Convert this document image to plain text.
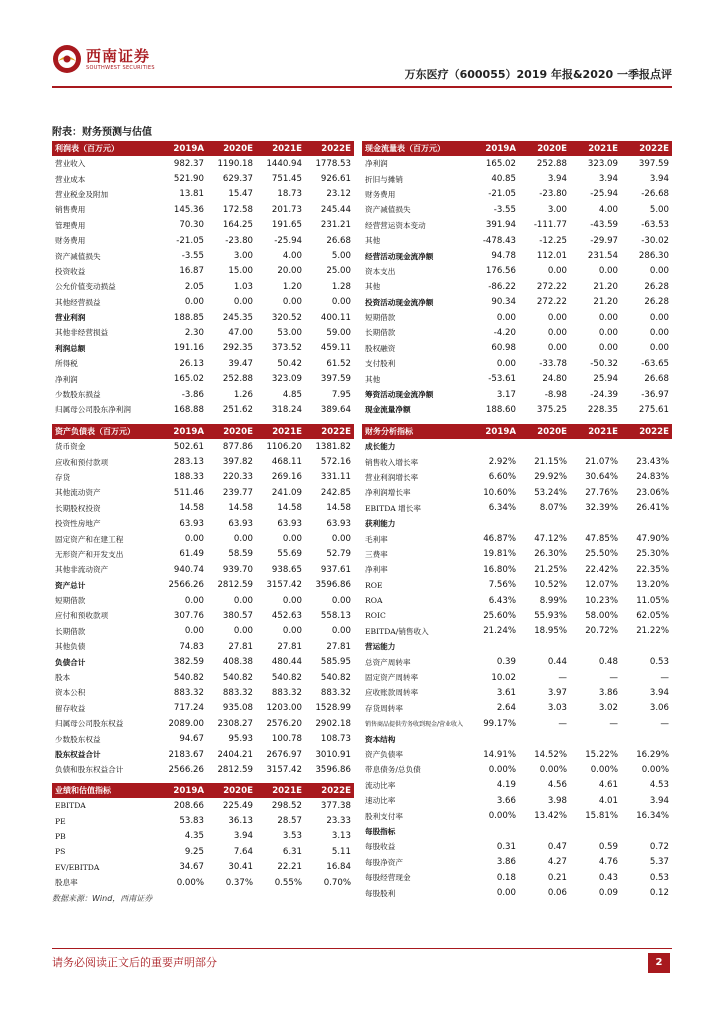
西南证券
SOUTHWEST SECURITIES	万东医疗（600055）2019 年报&2020 一季报点评
附表：财务预测与估值
利润表（百万元）	2019A	2020E	2021E	2022E
营业收入	982.37	1190.18	1440.94	1778.53
营业成本	521.90	629.37	751.45	926.61
营业税金及附加	13.81	15.47	18.73	23.12
销售费用	145.36	172.58	201.73	245.44
管理费用	70.30	164.25	191.65	231.21
财务费用	-21.05	-23.80	-25.94	26.68
资产减值损失	-3.55	3.00	4.00	5.00
投资收益	16.87	15.00	20.00	25.00
公允价值变动损益	2.05	1.03	1.20	1.28
其他经营损益	0.00	0.00	0.00	0.00
营业利润	188.85	245.35	320.52	400.11
其他非经营损益	2.30	47.00	53.00	59.00
利润总额	191.16	292.35	373.52	459.11
所得税	26.13	39.47	50.42	61.52
净利润	165.02	252.88	323.09	397.59
少数股东损益	-3.86	1.26	4.85	7.95
归属母公司股东净利润	168.88	251.62	318.24	389.64
现金流量表（百万元）	2019A	2020E	2021E	2022E
净利润	165.02	252.88	323.09	397.59
折旧与摊销	40.85	3.94	3.94	3.94
财务费用	-21.05	-23.80	-25.94	-26.68
资产减值损失	-3.55	3.00	4.00	5.00
经营营运资本变动	391.94	-111.77	-43.59	-63.53
其他	-478.43	-12.25	-29.97	-30.02
经营活动现金流净额	94.78	112.01	231.54	286.30
资本支出	176.56	0.00	0.00	0.00
其他	-86.22	272.22	21.20	26.28
投资活动现金流净额	90.34	272.22	21.20	26.28
短期借款	0.00	0.00	0.00	0.00
长期借款	-4.20	0.00	0.00	0.00
股权融资	60.98	0.00	0.00	0.00
支付股利	0.00	-33.78	-50.32	-63.65
其他	-53.61	24.80	25.94	26.68
筹资活动现金流净额	3.17	-8.98	-24.39	-36.97
现金流量净额	188.60	375.25	228.35	275.61
资产负债表（百万元）	2019A	2020E	2021E	2022E
货币资金	502.61	877.86	1106.20	1381.82
应收和预付款项	283.13	397.82	468.11	572.16
存货	188.33	220.33	269.16	331.11
其他流动资产	511.46	239.77	241.09	242.85
长期股权投资	14.58	14.58	14.58	14.58
投资性房地产	63.93	63.93	63.93	63.93
固定资产和在建工程	0.00	0.00	0.00	0.00
无形资产和开发支出	61.49	58.59	55.69	52.79
其他非流动资产	940.74	939.70	938.65	937.61
资产总计	2566.26	2812.59	3157.42	3596.86
短期借款	0.00	0.00	0.00	0.00
应付和预收款项	307.76	380.57	452.63	558.13
长期借款	0.00	0.00	0.00	0.00
其他负债	74.83	27.81	27.81	27.81
负债合计	382.59	408.38	480.44	585.95
股本	540.82	540.82	540.82	540.82
资本公积	883.32	883.32	883.32	883.32
留存收益	717.24	935.08	1203.00	1528.99
归属母公司股东权益	2089.00	2308.27	2576.20	2902.18
少数股东权益	94.67	95.93	100.78	108.73
股东权益合计	2183.67	2404.21	2676.97	3010.91
负债和股东权益合计	2566.26	2812.59	3157.42	3596.86
业绩和估值指标	2019A	2020E	2021E	2022E
EBITDA	208.66	225.49	298.52	377.38
PE	53.83	36.13	28.57	23.33
PB	4.35	3.94	3.53	3.13
PS	9.25	7.64	6.31	5.11
EV/EBITDA	34.67	30.41	22.21	16.84
股息率	0.00%	0.37%	0.55%	0.70%
财务分析指标	2019A	2020E	2021E	2022E
成长能力				
销售收入增长率	2.92%	21.15%	21.07%	23.43%
营业利润增长率	6.60%	29.92%	30.64%	24.83%
净利润增长率	10.60%	53.24%	27.76%	23.06%
EBITDA 增长率	6.34%	8.07%	32.39%	26.41%
获利能力				
毛利率	46.87%	47.12%	47.85%	47.90%
三费率	19.81%	26.30%	25.50%	25.30%
净利率	16.80%	21.25%	22.42%	22.35%
ROE	7.56%	10.52%	12.07%	13.20%
ROA	6.43%	8.99%	10.23%	11.05%
ROIC	25.60%	55.93%	58.00%	62.05%
EBITDA/销售收入	21.24%	18.95%	20.72%	21.22%
营运能力				
总资产周转率	0.39	0.44	0.48	0.53
固定资产周转率	10.02	—	—	—
应收账款周转率	3.61	3.97	3.86	3.94
存货周转率	2.64	3.03	3.02	3.06
销售商品提供劳务收到现金/营业收入	99.17%	—	—	—
资本结构				
资产负债率	14.91%	14.52%	15.22%	16.29%
带息债务/总负债	0.00%	0.00%	0.00%	0.00%
流动比率	4.19	4.56	4.61	4.53
速动比率	3.66	3.98	4.01	3.94
股利支付率	0.00%	13.42%	15.81%	16.34%
每股指标				
每股收益	0.31	0.47	0.59	0.72
每股净资产	3.86	4.27	4.76	5.37
每股经营现金	0.18	0.21	0.43	0.53
每股股利	0.00	0.06	0.09	0.12
数据来源：Wind，西南证券
请务必阅读正文后的重要声明部分	2
